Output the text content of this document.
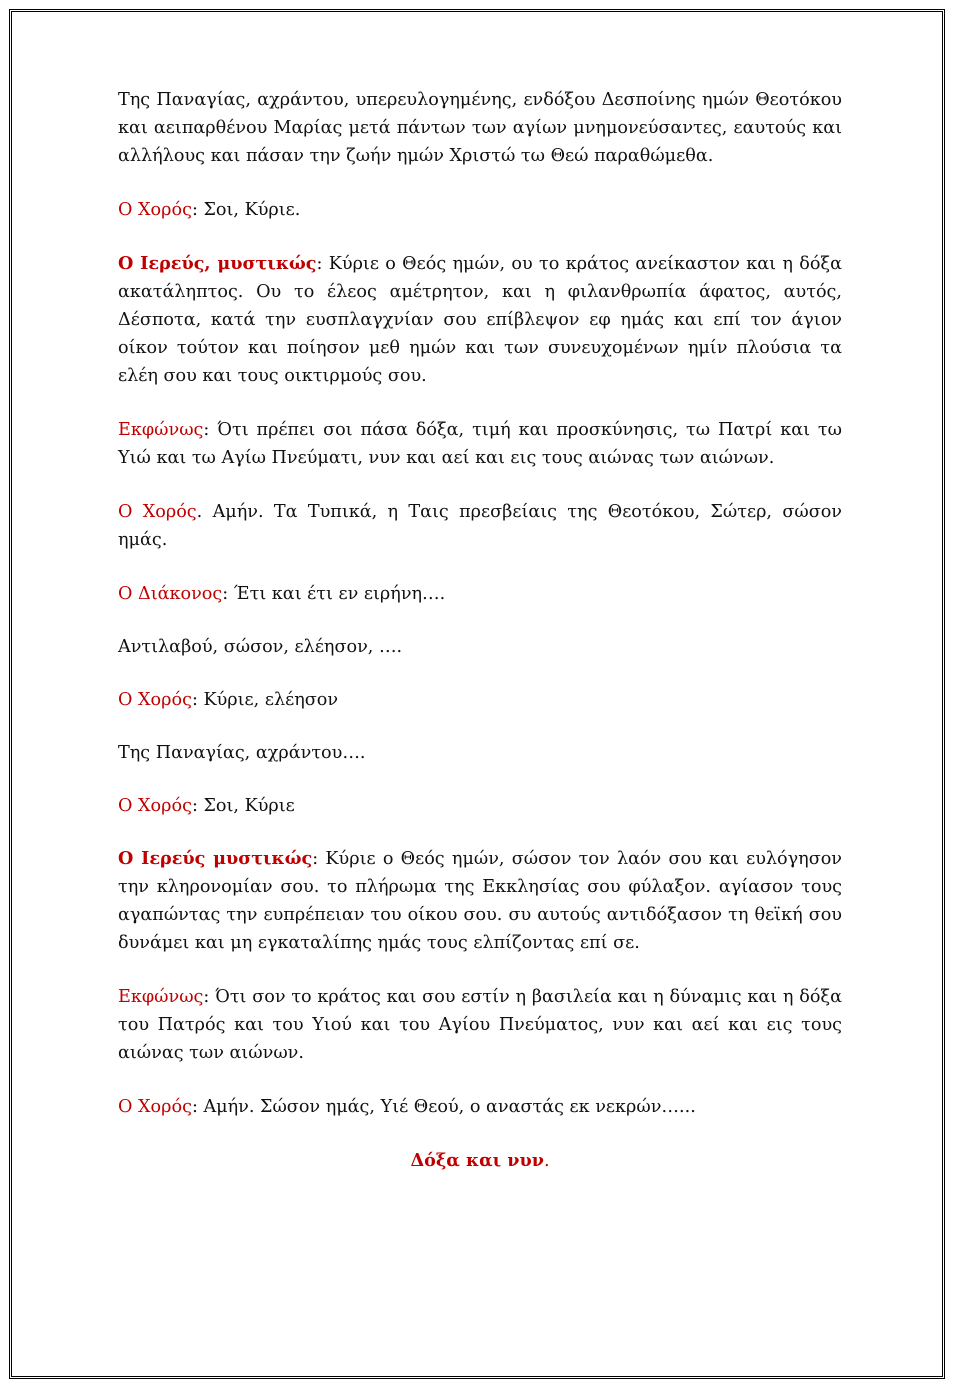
Της Παναγίας, αχράντου, υπερευλογημένης, ενδόξου Δεσποίνης ημών Θεοτόκου και αειπαρθένου Μαρίας μετά πάντων των αγίων μνημονεύσαντες, εαυτούς και αλλήλους και πάσαν την ζωήν ημών Χριστώ τω Θεώ παραθώμεθα.

Ο Χορός: Σοι, Κύριε.

Ο Ιερεύς, μυστικώς: Κύριε ο Θεός ημών, ου το κράτος ανείκαστον και η δόξα ακατάληπτος. Ου το έλεος αμέτρητον, και η φιλανθρωπία άφατος, αυτός, Δέσποτα, κατά την ευσπλαγχνίαν σου επίβλεψον εφ ημάς και επί τον άγιον οίκον τούτον και ποίησον μεθ ημών και των συνευχομένων ημίν πλούσια τα ελέη σου και τους οικτιρμούς σου.

Εκφώνως: Ότι πρέπει σοι πάσα δόξα, τιμή και προσκύνησις, τω Πατρί και τω Υιώ και τω Αγίω Πνεύματι, νυν και αεί και εις τους αιώνας των αιώνων.

Ο Χορός. Αμήν. Τα Τυπικά, η Ταις πρεσβείαις της Θεοτόκου, Σώτερ, σώσον ημάς.

Ο Διάκονος: Έτι και έτι εν ειρήνη….

Αντιλαβού, σώσον, ελέησον, ….

Ο Χορός: Κύριε, ελέησον

Της Παναγίας, αχράντου….

Ο Χορός: Σοι, Κύριε

Ο Ιερεύς μυστικώς: Κύριε ο Θεός ημών, σώσον τον λαόν σου και ευλόγησον την κληρονομίαν σου. το πλήρωμα της Εκκλησίας σου φύλαξον. αγίασον τους αγαπώντας την ευπρέπειαν του οίκου σου. συ αυτούς αντιδόξασον τη θεϊκή σου δυνάμει και μη εγκαταλίπης ημάς τους ελπίζοντας επί σε.

Εκφώνως: Ότι σον το κράτος και σου εστίν η βασιλεία και η δύναμις και η δόξα του Πατρός και του Υιού και του Αγίου Πνεύματος, νυν και αεί και εις τους αιώνας των αιώνων.

Ο Χορός: Αμήν. Σώσον ημάς, Υιέ Θεού, ο αναστάς εκ νεκρών…...

Δόξα και νυν.
